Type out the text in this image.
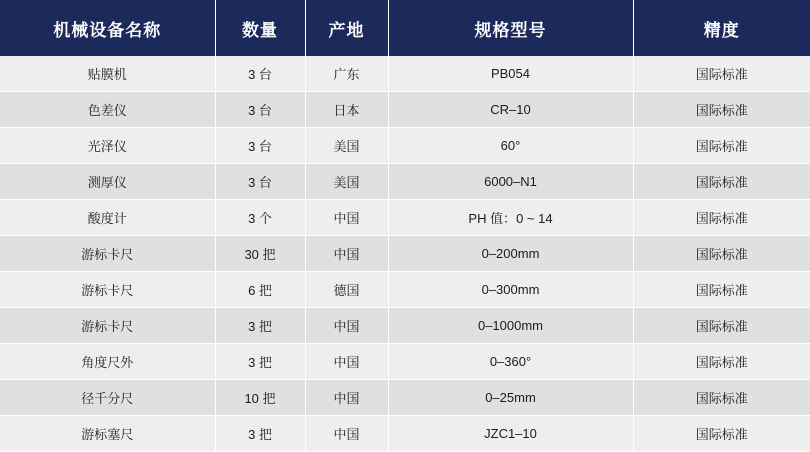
机械设备名称	数量	产地	规格型号	精度
贴膜机	3 台	广东	PB054	国际标准
色差仪	3 台	日本	CR–10	国际标准
光泽仪	3 台	美国	60°	国际标准
测厚仪	3 台	美国	6000–N1	国际标准
酸度计	3 个	中国	PH 值：0 ~ 14	国际标准
游标卡尺	30 把	中国	0–200mm	国际标准
游标卡尺	6 把	德国	0–300mm	国际标准
游标卡尺	3 把	中国	0–1000mm	国际标准
角度尺外	3 把	中国	0–360°	国际标准
径千分尺	10 把	中国	0–25mm	国际标准
游标塞尺	3 把	中国	JZC1–10	国际标准
